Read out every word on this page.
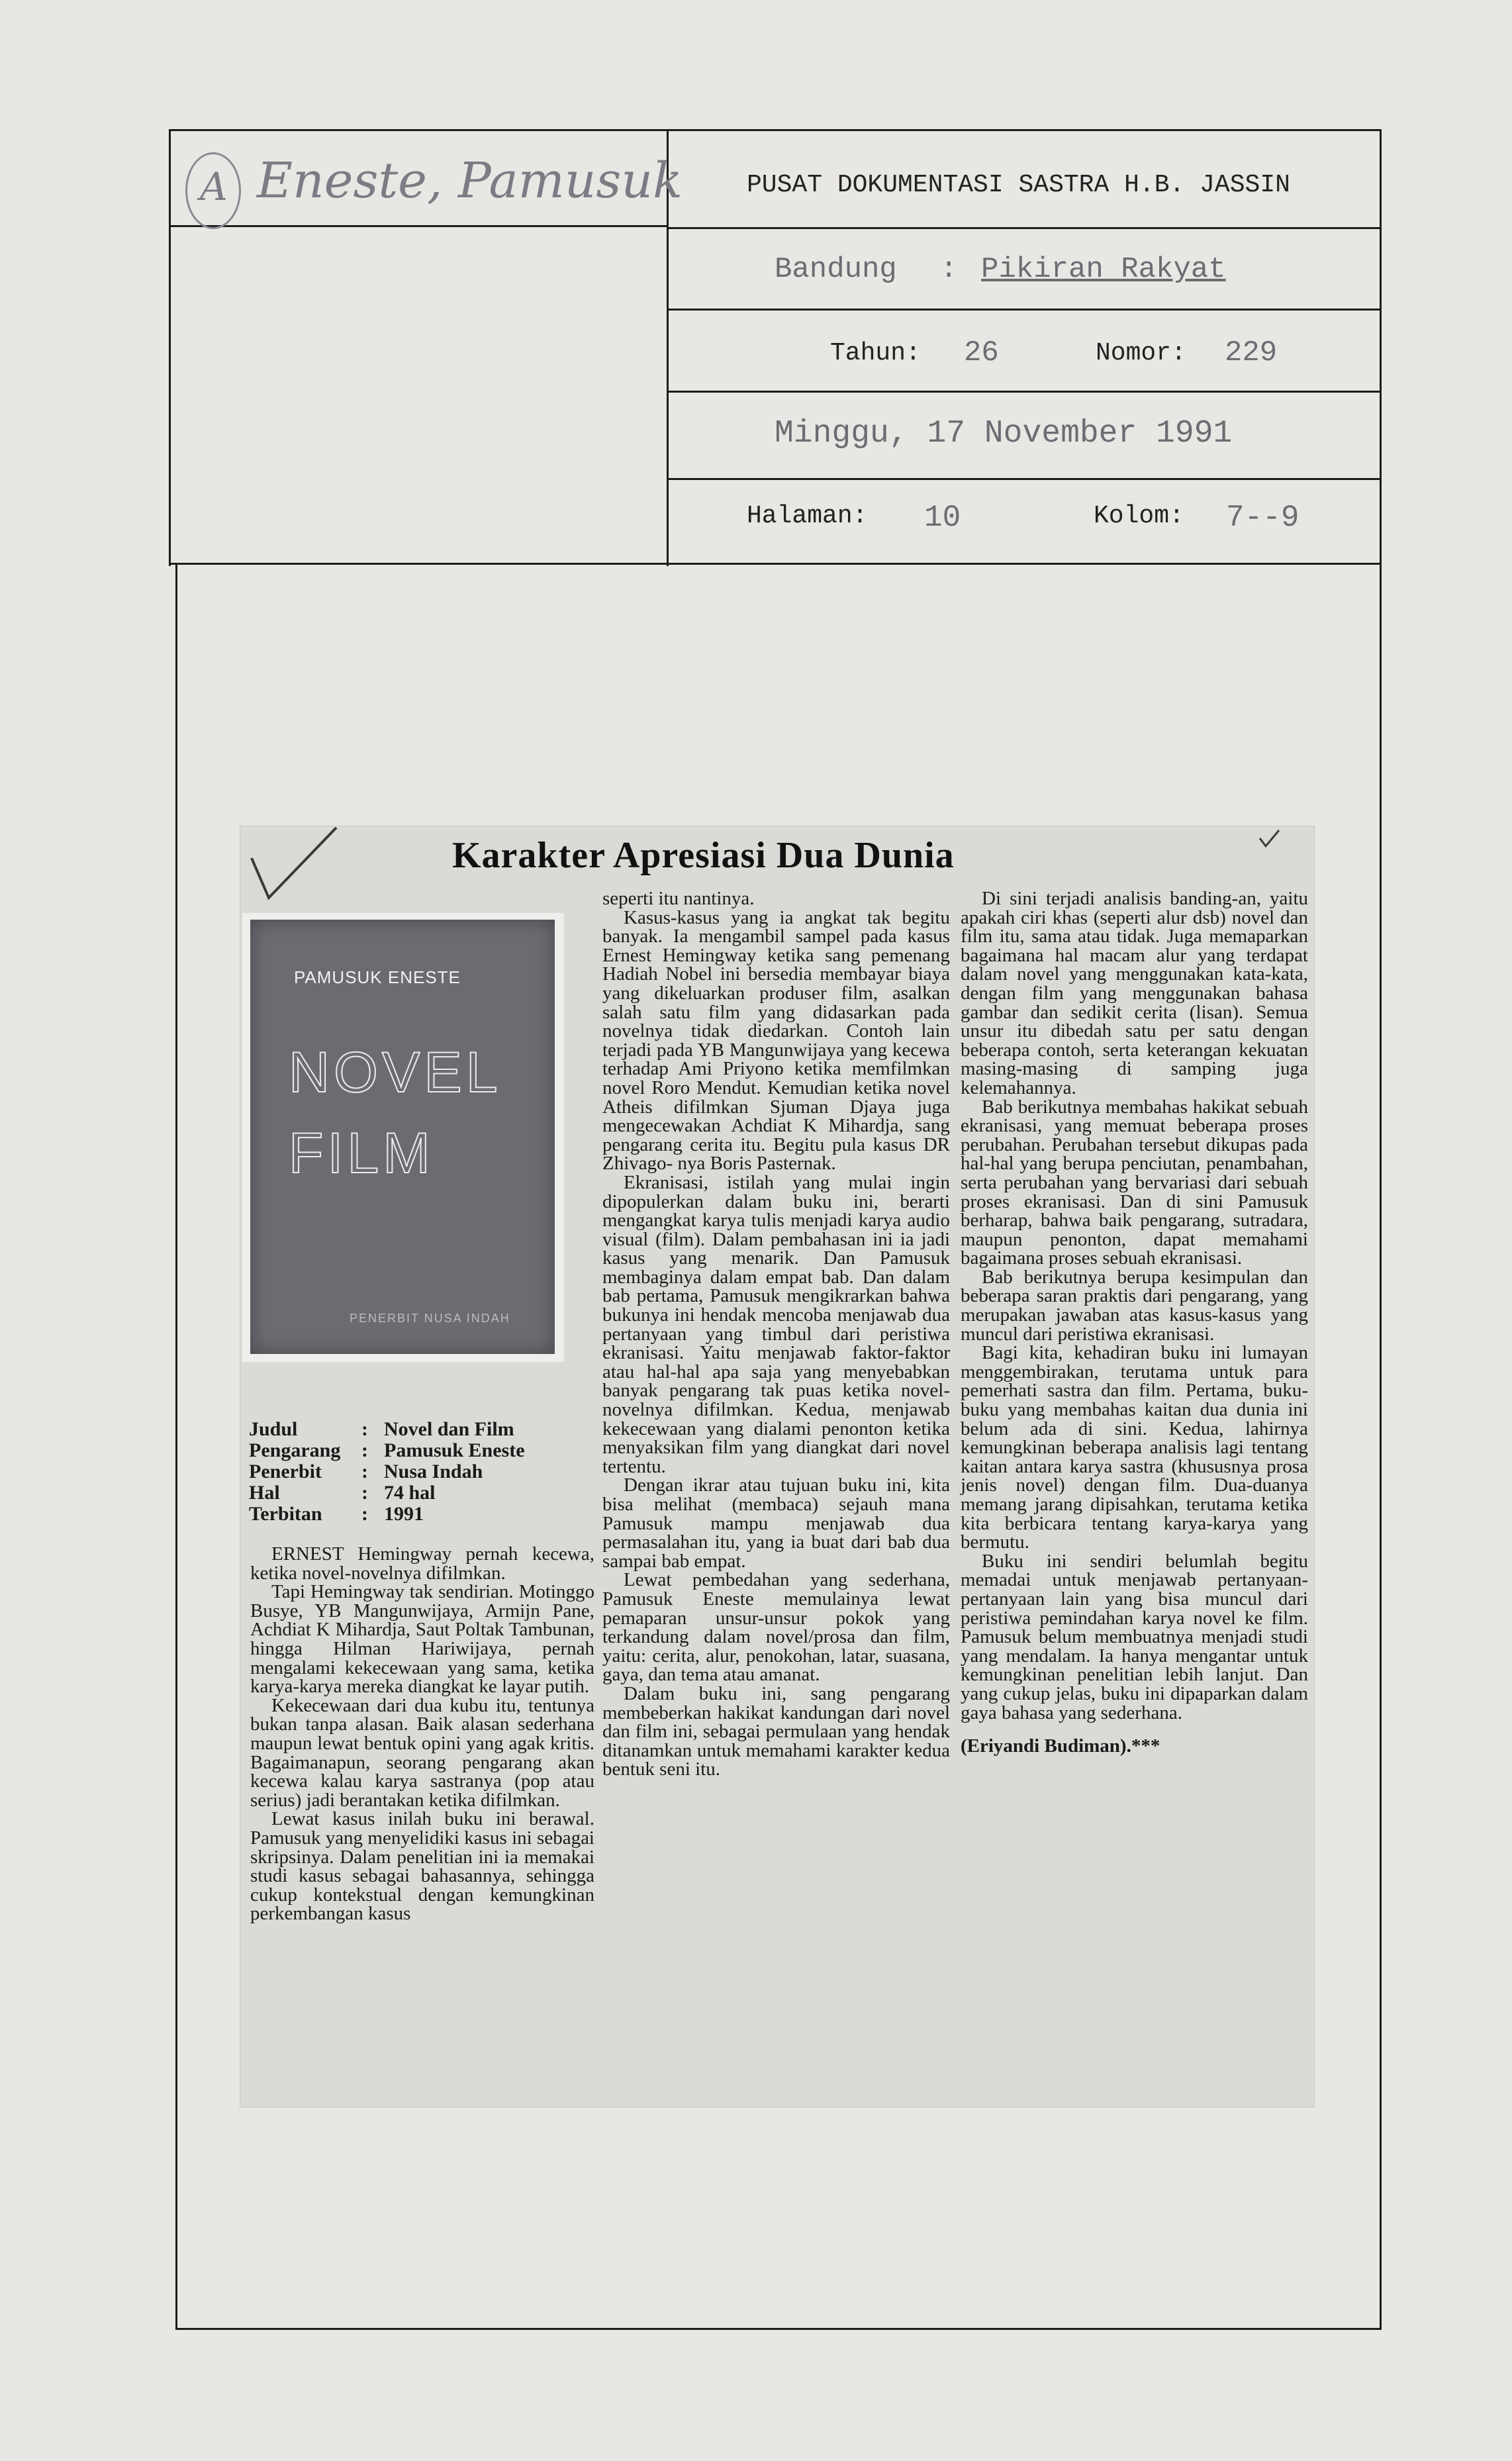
A Eneste, Pamusuk	PUSAT DOKUMENTASI SASTRA H.B. JASSIN
Bandung : Pikiran Rakyat
Tahun: 26	Nomor: 229
Minggu, 17 November 1991
Halaman: 10	Kolom: 7--9
Karakter Apresiasi Dua Dunia
PAMUSUK ENESTE
NOVEL
FILM
PENERBIT NUSA INDAH
Judul	: Novel dan Film
Pengarang	: Pamusuk Eneste
Penerbit	: Nusa Indah
Hal	: 74 hal
Terbitan	: 1991

ERNEST Hemingway pernah kecewa, ketika novel-novelnya difilmkan.

Tapi Hemingway tak sendirian. Motinggo Busye, YB Mangunwijaya, Armijn Pane, Achdiat K Mihardja, Saut Poltak Tambunan, hingga Hilman Hariwijaya, pernah mengalami kekecewaan yang sama, ketika karya-karya mereka diangkat ke layar putih.

Kekecewaan dari dua kubu itu, tentunya bukan tanpa alasan. Baik alasan sederhana maupun lewat bentuk opini yang agak kritis. Bagaimanapun, seorang pengarang akan kecewa kalau karya sastranya (pop atau serius) jadi berantakan ketika difilmkan.

Lewat kasus inilah buku ini berawal. Pamusuk yang menyelidiki kasus ini sebagai skripsinya. Dalam penelitian ini ia memakai studi kasus sebagai bahasannya, sehingga cukup kontekstual dengan kemungkinan perkembangan kasus

seperti itu nantinya.

Kasus-kasus yang ia angkat tak begitu banyak. Ia mengambil sampel pada kasus Ernest Hemingway ketika sang pemenang Hadiah Nobel ini bersedia membayar biaya yang dikeluarkan produser film, asalkan salah satu film yang didasarkan pada novelnya tidak diedarkan. Contoh lain terjadi pada YB Mangunwijaya yang kecewa terhadap Ami Priyono ketika memfilmkan novel Roro Mendut. Kemudian ketika novel Atheis difilmkan Sjuman Djaya juga mengecewakan Achdiat K Mihardja, sang pengarang cerita itu. Begitu pula kasus DR Zhivago- nya Boris Pasternak.

Ekranisasi, istilah yang mulai ingin dipopulerkan dalam buku ini, berarti mengangkat karya tulis menjadi karya audio visual (film). Dalam pembahasan ini ia jadi kasus yang menarik. Dan Pamusuk membaginya dalam empat bab. Dan dalam bab pertama, Pamusuk mengikrarkan bahwa bukunya ini hendak mencoba menjawab dua pertanyaan yang timbul dari peristiwa ekranisasi. Yaitu menjawab faktor-faktor atau hal-hal apa saja yang menyebabkan banyak pengarang tak puas ketika novel-novelnya difilmkan. Kedua, menjawab kekecewaan yang dialami penonton ketika menyaksikan film yang diangkat dari novel tertentu.

Dengan ikrar atau tujuan buku ini, kita bisa melihat (membaca) sejauh mana Pamusuk mampu menjawab dua permasalahan itu, yang ia buat dari bab dua sampai bab empat.

Lewat pembedahan yang sederhana, Pamusuk Eneste memulainya lewat pemaparan unsur-unsur pokok yang terkandung dalam novel/prosa dan film, yaitu: cerita, alur, penokohan, latar, suasana, gaya, dan tema atau amanat.

Dalam buku ini, sang pengarang membeberkan hakikat kandungan dari novel dan film ini, sebagai permulaan yang hendak ditanamkan untuk memahami karakter kedua bentuk seni itu.

Di sini terjadi analisis banding-an, yaitu apakah ciri khas (seperti alur dsb) novel dan film itu, sama atau tidak. Juga memaparkan bagaimana hal macam alur yang terdapat dalam novel yang menggunakan kata-kata, dengan film yang menggunakan bahasa gambar dan sedikit cerita (lisan). Semua unsur itu dibedah satu per satu dengan beberapa contoh, serta keterangan kekuatan masing-masing di samping juga kelemahannya.

Bab berikutnya membahas hakikat sebuah ekranisasi, yang memuat beberapa proses perubahan. Perubahan tersebut dikupas pada hal-hal yang berupa penciutan, penambahan, serta perubahan yang bervariasi dari sebuah proses ekranisasi. Dan di sini Pamusuk berharap, bahwa baik pengarang, sutradara, maupun penonton, dapat memahami bagaimana proses sebuah ekranisasi.

Bab berikutnya berupa kesimpulan dan beberapa saran praktis dari pengarang, yang merupakan jawaban atas kasus-kasus yang muncul dari peristiwa ekranisasi.

Bagi kita, kehadiran buku ini lumayan menggembirakan, terutama untuk para pemerhati sastra dan film. Pertama, buku-buku yang membahas kaitan dua dunia ini belum ada di sini. Kedua, lahirnya kemungkinan beberapa analisis lagi tentang kaitan antara karya sastra (khususnya prosa jenis novel) dengan film. Dua-duanya memang jarang dipisahkan, terutama ketika kita berbicara tentang karya-karya yang bermutu.

Buku ini sendiri belumlah begitu memadai untuk menjawab pertanyaan-pertanyaan lain yang bisa muncul dari peristiwa pemindahan karya novel ke film. Pamusuk belum membuatnya menjadi studi yang mendalam. Ia hanya mengantar untuk kemungkinan penelitian lebih lanjut. Dan yang cukup jelas, buku ini dipaparkan dalam gaya bahasa yang sederhana.

(Eriyandi Budiman).***
